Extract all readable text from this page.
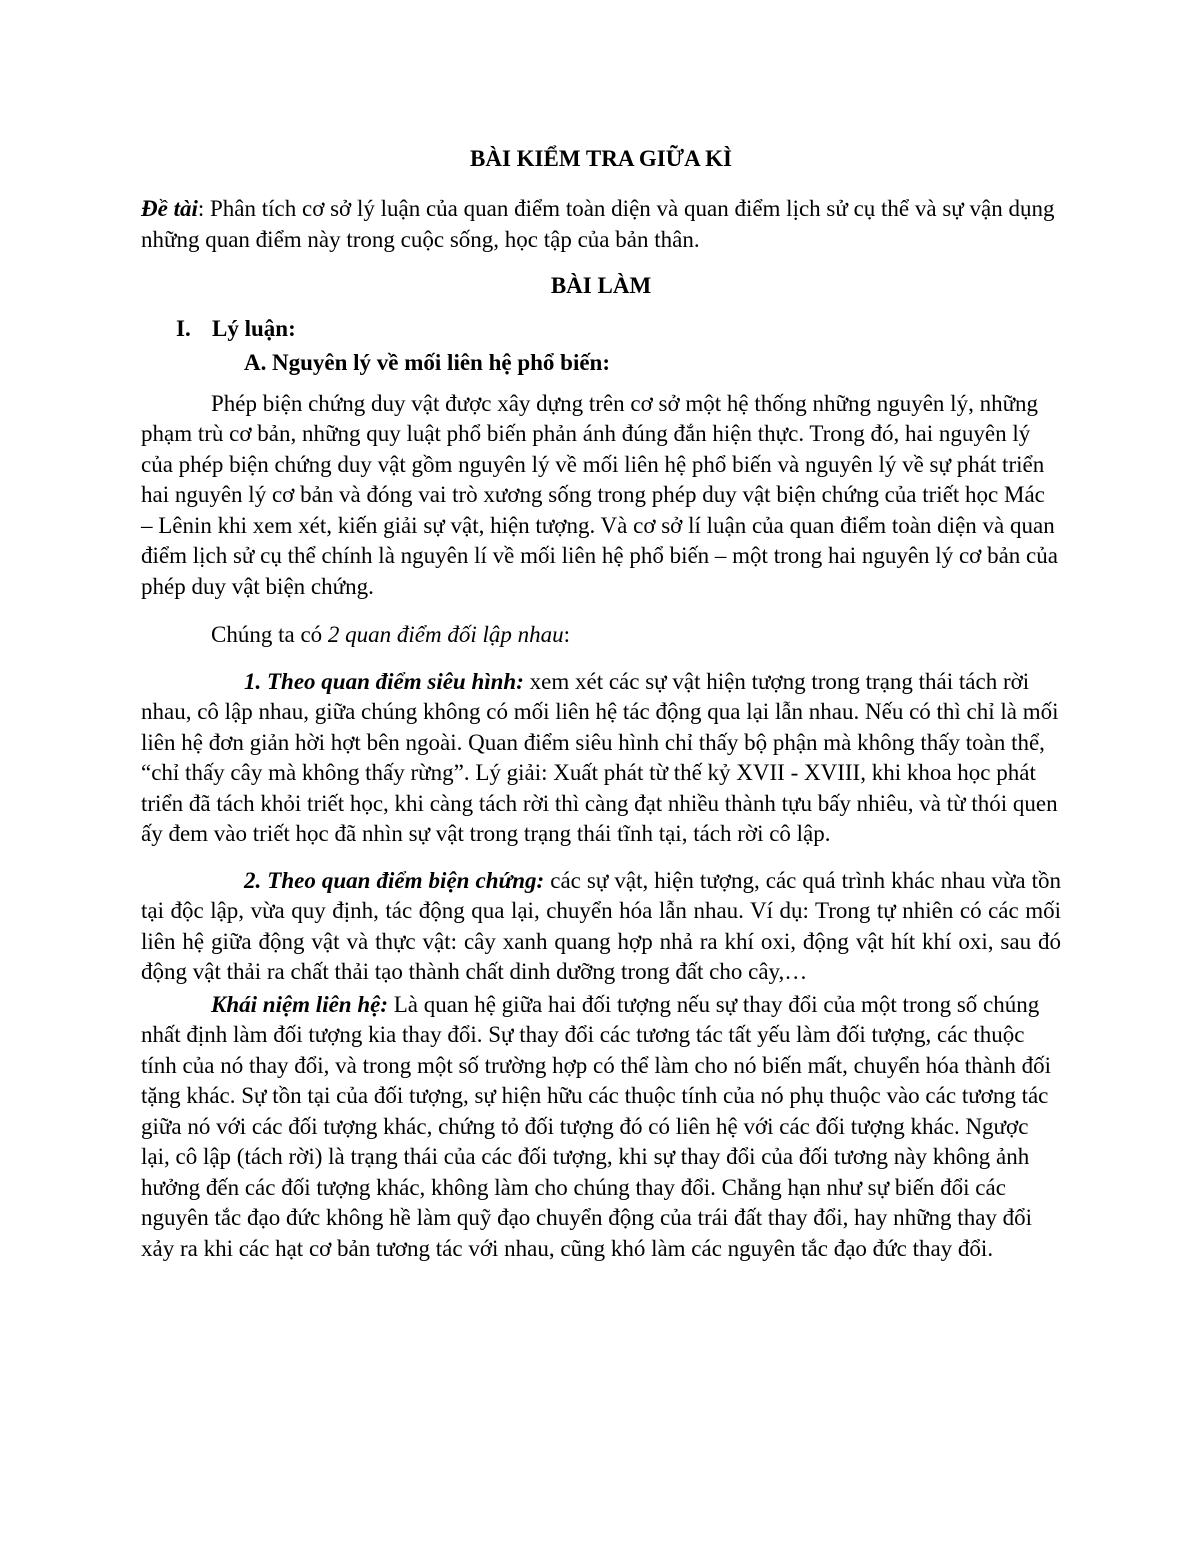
BÀI KIỂM TRA GIỮA KÌ

Đề tài: Phân tích cơ sở lý luận của quan điểm toàn diện và quan điểm lịch sử cụ thể và sự vận dụng những quan điểm này trong cuộc sống, học tập của bản thân.

BÀI LÀM
I. Lý luận:
A. Nguyên lý về mối liên hệ phổ biến:

Phép biện chứng duy vật được xây dựng trên cơ sở một hệ thống những nguyên lý, những phạm trù cơ bản, những quy luật phổ biến phản ánh đúng đắn hiện thực. Trong đó, hai nguyên lý của phép biện chứng duy vật gồm nguyên lý về mối liên hệ phổ biến và nguyên lý về sự phát triển hai nguyên lý cơ bản và đóng vai trò xương sống trong phép duy vật biện chứng của triết học Mác – Lênin khi xem xét, kiến giải sự vật, hiện tượng. Và cơ sở lí luận của quan điểm toàn diện và quan điểm lịch sử cụ thể chính là nguyên lí về mối liên hệ phổ biến – một trong hai nguyên lý cơ bản của phép duy vật biện chứng.

Chúng ta có 2 quan điểm đối lập nhau:

1. Theo quan điểm siêu hình: xem xét các sự vật hiện tượng trong trạng thái tách rời nhau, cô lập nhau, giữa chúng không có mối liên hệ tác động qua lại lẫn nhau. Nếu có thì chỉ là mối liên hệ đơn giản hời hợt bên ngoài. Quan điểm siêu hình chỉ thấy bộ phận mà không thấy toàn thể, “chỉ thấy cây mà không thấy rừng”. Lý giải: Xuất phát từ thế kỷ XVII - XVIII, khi khoa học phát triển đã tách khỏi triết học, khi càng tách rời thì càng đạt nhiều thành tựu bấy nhiêu, và từ thói quen ấy đem vào triết học đã nhìn sự vật trong trạng thái tĩnh tại, tách rời cô lập.

2. Theo quan điểm biện chứng: các sự vật, hiện tượng, các quá trình khác nhau vừa tồn tại độc lập, vừa quy định, tác động qua lại, chuyển hóa lẫn nhau. Ví dụ: Trong tự nhiên có các mối liên hệ giữa động vật và thực vật: cây xanh quang hợp nhả ra khí oxi, động vật hít khí oxi, sau đó động vật thải ra chất thải tạo thành chất dinh dưỡng trong đất cho cây,…

Khái niệm liên hệ: Là quan hệ giữa hai đối tượng nếu sự thay đổi của một trong số chúng nhất định làm đối tượng kia thay đổi. Sự thay đổi các tương tác tất yếu làm đối tượng, các thuộc tính của nó thay đổi, và trong một số trường hợp có thể làm cho nó biến mất, chuyển hóa thành đối tặng khác. Sự tồn tại của đối tượng, sự hiện hữu các thuộc tính của nó phụ thuộc vào các tương tác giữa nó với các đối tượng khác, chứng tỏ đối tượng đó có liên hệ với các đối tượng khác. Ngược lại, cô lập (tách rời) là trạng thái của các đối tượng, khi sự thay đổi của đối tương này không ảnh hưởng đến các đối tượng khác, không làm cho chúng thay đổi. Chẳng hạn như sự biến đổi các nguyên tắc đạo đức không hề làm quỹ đạo chuyển động của trái đất thay đổi, hay những thay đổi xảy ra khi các hạt cơ bản tương tác với nhau, cũng khó làm các nguyên tắc đạo đức thay đổi.
